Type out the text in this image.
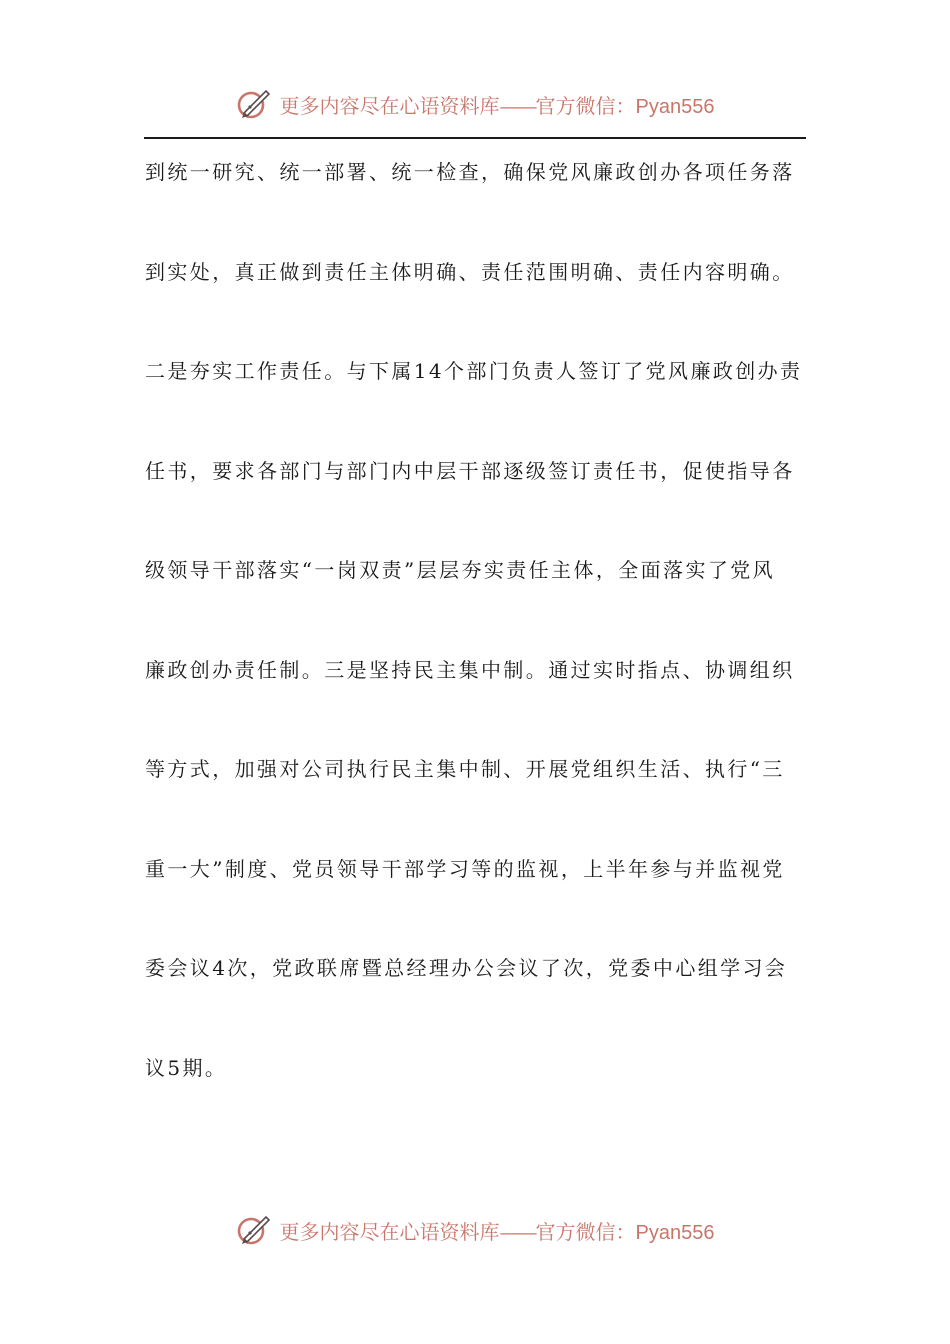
更多内容尽在心语资料库——官方微信：Pyan556
到统一研究、统一部署、统一检查，确保党风廉政创办各项任务落
到实处，真正做到责任主体明确、责任范围明确、责任内容明确。
二是夯实工作责任。与下属14个部门负责人签订了党风廉政创办责
任书，要求各部门与部门内中层干部逐级签订责任书，促使指导各
级领导干部落实“一岗双责”层层夯实责任主体，全面落实了党风
廉政创办责任制。三是坚持民主集中制。通过实时指点、协调组织
等方式，加强对公司执行民主集中制、开展党组织生活、执行“三
重一大”制度、党员领导干部学习等的监视，上半年参与并监视党
委会议4次，党政联席暨总经理办公会议了次，党委中心组学习会
议5期。
更多内容尽在心语资料库——官方微信：Pyan556
